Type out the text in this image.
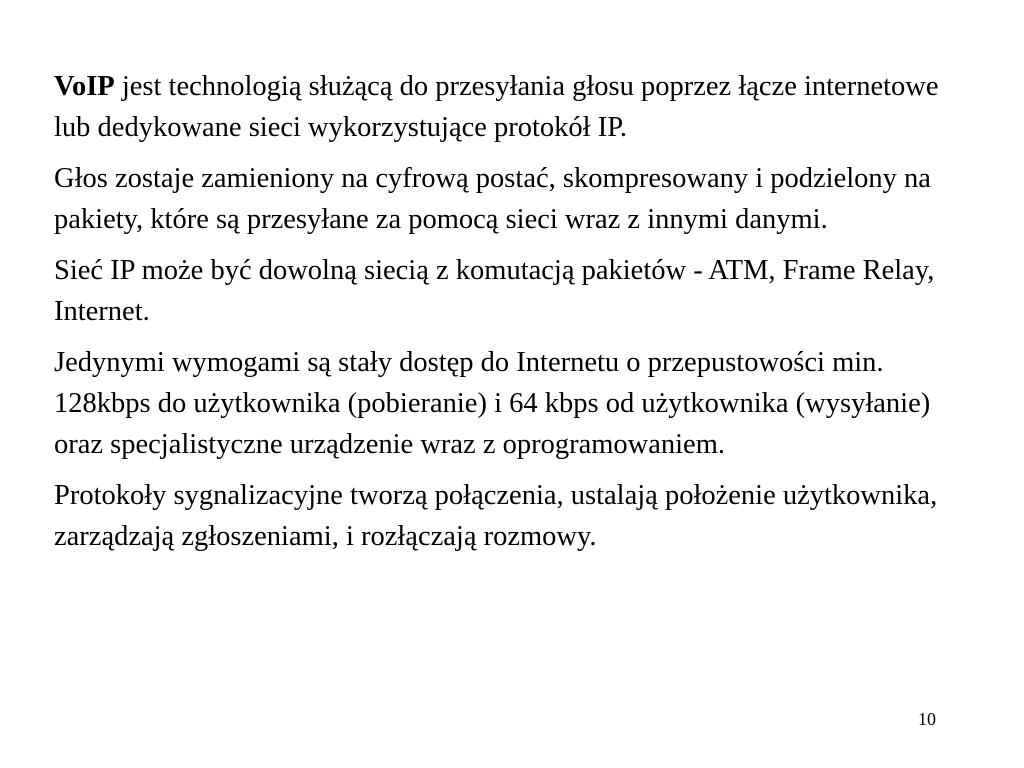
VoIP jest technologią służącą do przesyłania głosu poprzez łącze internetowe lub dedykowane sieci wykorzystujące protokół IP.

Głos zostaje zamieniony na cyfrową postać, skompresowany i podzielony na pakiety, które są przesyłane za pomocą sieci wraz z innymi danymi.

Sieć IP może być dowolną siecią z komutacją pakietów - ATM, Frame Relay, Internet.

Jedynymi wymogami są stały dostęp do Internetu o przepustowości min. 128kbps do użytkownika (pobieranie) i 64 kbps od użytkownika (wysyłanie) oraz specjalistyczne urządzenie wraz z oprogramowaniem.

Protokoły sygnalizacyjne tworzą połączenia, ustalają położenie użytkownika, zarządzają zgłoszeniami, i rozłączają rozmowy.

10
